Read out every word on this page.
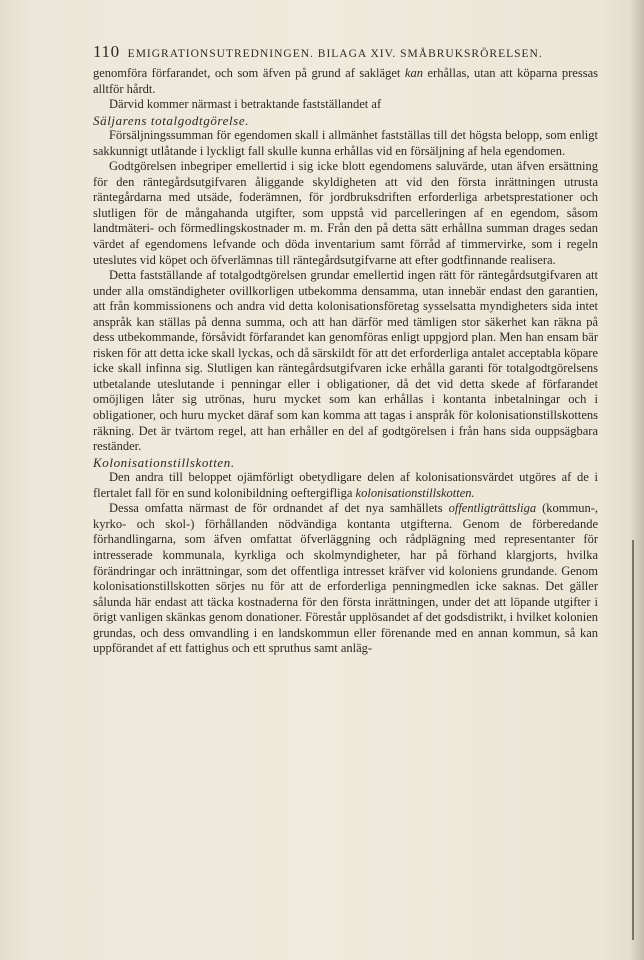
110 EMIGRATIONSUTREDNINGEN. BILAGA XIV. SMÅBRUKSRÖRELSEN.

genomföra förfarandet, och som äfven på grund af sakläget kan erhållas, utan att köparna pressas alltför hårdt.

Därvid kommer närmast i betraktande fastställandet af

Säljarens totalgodtgörelse.

Försäljningssumman för egendomen skall i allmänhet fastställas till det högsta belopp, som enligt sakkunnigt utlåtande i lyckligt fall skulle kunna erhållas vid en försäljning af hela egendomen.

Godtgörelsen inbegriper emellertid i sig icke blott egendomens saluvärde, utan äfven ersättning för den räntegårdsutgifvaren åliggande skyldigheten att vid den första inrättningen utrusta räntegårdarna med utsäde, foderämnen, för jordbruksdriften erforderliga arbetsprestationer och slutligen för de mångahanda utgifter, som uppstå vid parcelleringen af en egendom, såsom landtmäteri- och förmedlingskostnader m. m. Från den på detta sätt erhållna summan drages sedan värdet af egendomens lefvande och döda inventarium samt förråd af timmervirke, som i regeln uteslutes vid köpet och öfverlämnas till räntegårdsutgifvarne att efter godtfinnande realisera.

Detta fastställande af totalgodtgörelsen grundar emellertid ingen rätt för räntegårdsutgifvaren att under alla omständigheter ovillkorligen utbekomma densamma, utan innebär endast den garantien, att från kommissionens och andra vid detta kolonisationsföretag sysselsatta myndigheters sida intet anspråk kan ställas på denna summa, och att han därför med tämligen stor säkerhet kan räkna på dess utbekommande, försåvidt förfarandet kan genomföras enligt uppgjord plan. Men han ensam bär risken för att detta icke skall lyckas, och då särskildt för att det erforderliga antalet acceptabla köpare icke skall infinna sig. Slutligen kan räntegårdsutgifvaren icke erhålla garanti för totalgodtgörelsens utbetalande uteslutande i penningar eller i obligationer, då det vid detta skede af förfarandet omöjligen låter sig utrönas, huru mycket som kan erhållas i kontanta inbetalningar och i obligationer, och huru mycket däraf som kan komma att tagas i anspråk för kolonisationstillskottens räkning. Det är tvärtom regel, att han erhåller en del af godtgörelsen i från hans sida ouppsägbara reständer.

Kolonisationstillskotten.

Den andra till beloppet ojämförligt obetydligare delen af kolonisationsvärdet utgöres af de i flertalet fall för en sund kolonibildning oeftergifliga kolonisationstillskotten.

Dessa omfatta närmast de för ordnandet af det nya samhällets offentligträttsliga (kommun-, kyrko- och skol-) förhållanden nödvändiga kontanta utgifterna. Genom de förberedande förhandlingarna, som äfven omfattat öfverläggning och rådplägning med representanter för intresserade kommunala, kyrkliga och skolmyndigheter, har på förhand klargjorts, hvilka förändringar och inrättningar, som det offentliga intresset kräfver vid koloniens grundande. Genom kolonisationstillskotten sörjes nu för att de erforderliga penningmedlen icke saknas. Det gäller sålunda här endast att täcka kostnaderna för den första inrättningen, under det att löpande utgifter i örigt vanligen skänkas genom donationer. Förestår upplösandet af det godsdistrikt, i hvilket kolonien grundas, och dess omvandling i en landskommun eller förenande med en annan kommun, så kan uppförandet af ett fattighus och ett spruthus samt anläg-
